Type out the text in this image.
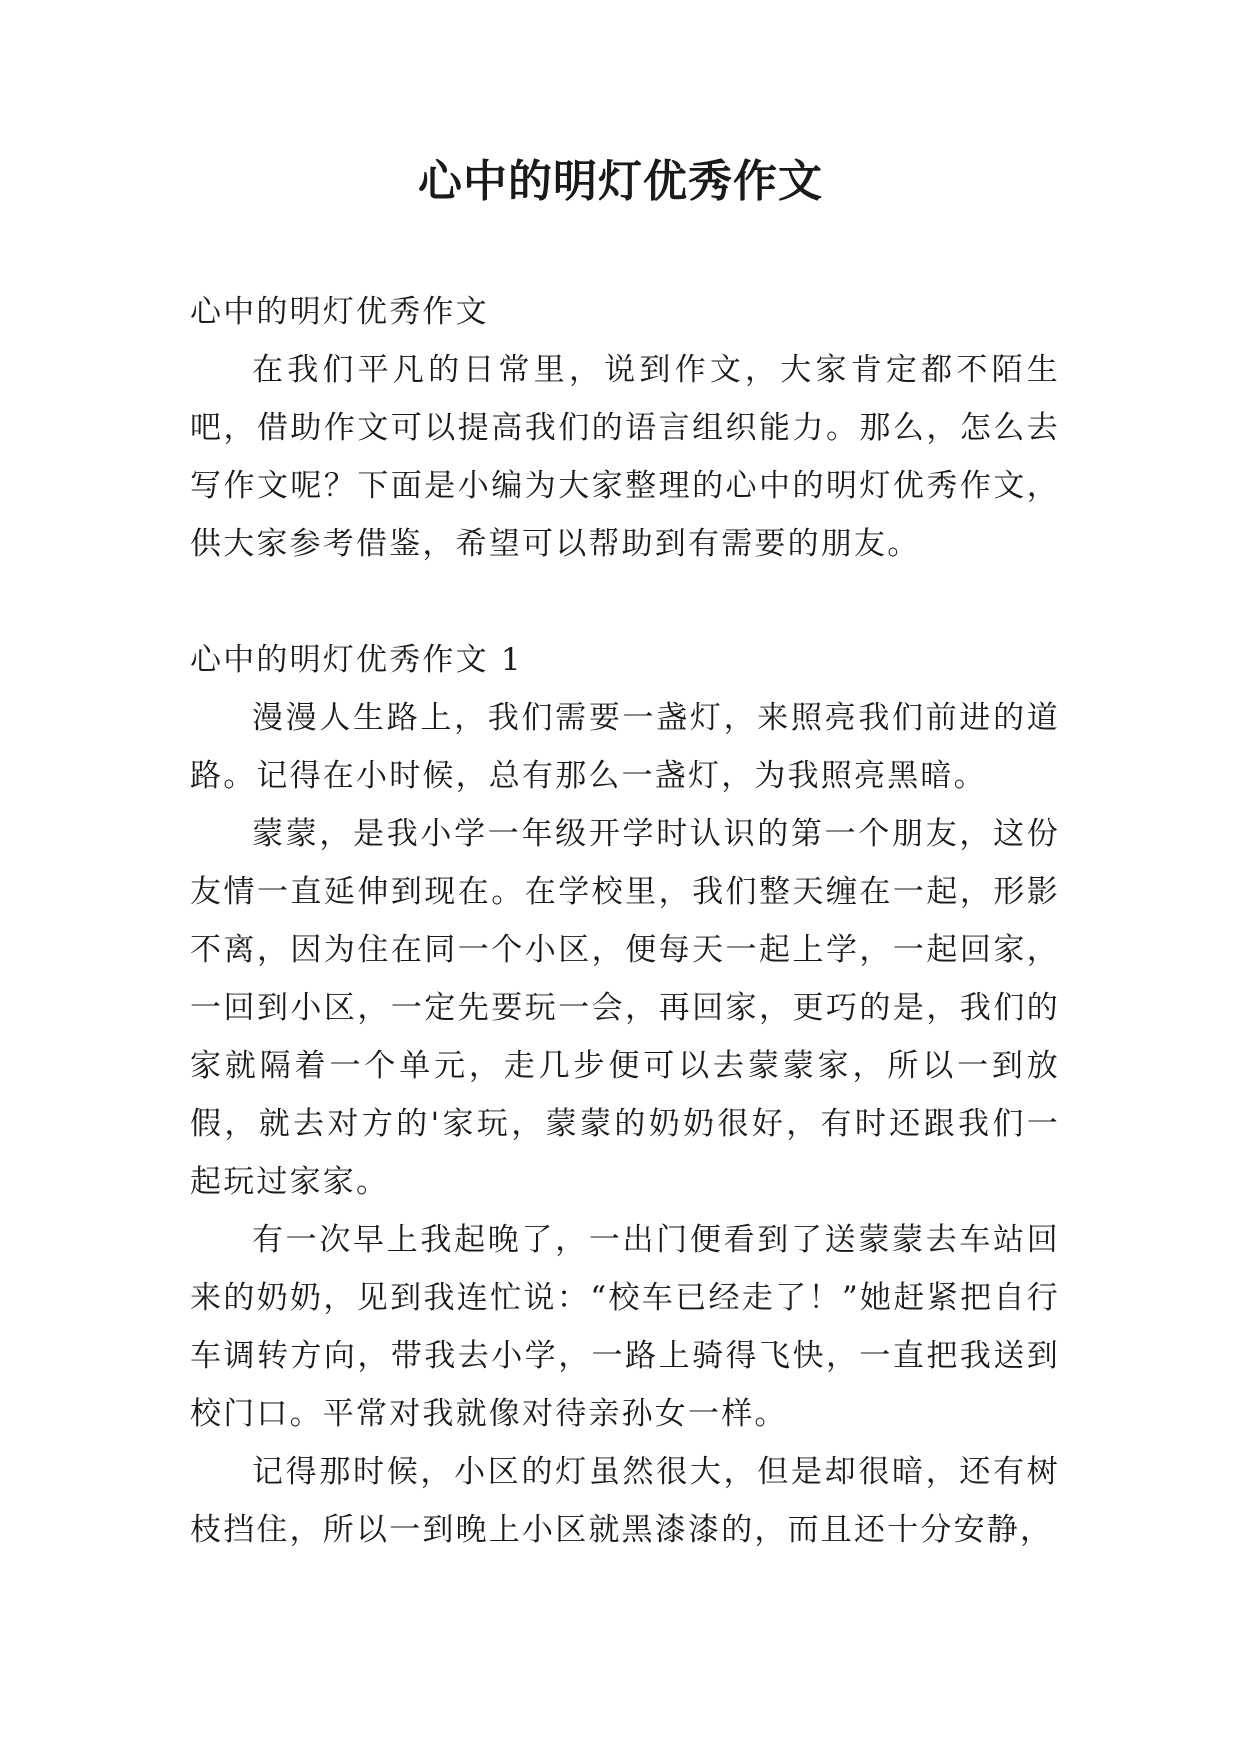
心中的明灯优秀作文

心中的明灯优秀作文

在我们平凡的日常里，说到作文，大家肯定都不陌生吧，借助作文可以提高我们的语言组织能力。那么，怎么去写作文呢？下面是小编为大家整理的心中的明灯优秀作文，供大家参考借鉴，希望可以帮助到有需要的朋友。

心中的明灯优秀作文 1

漫漫人生路上，我们需要一盏灯，来照亮我们前进的道路。记得在小时候，总有那么一盏灯，为我照亮黑暗。

蒙蒙，是我小学一年级开学时认识的第一个朋友，这份友情一直延伸到现在。在学校里，我们整天缠在一起，形影不离，因为住在同一个小区，便每天一起上学，一起回家，一回到小区，一定先要玩一会，再回家，更巧的是，我们的家就隔着一个单元，走几步便可以去蒙蒙家，所以一到放假，就去对方的'家玩，蒙蒙的奶奶很好，有时还跟我们一起玩过家家。

有一次早上我起晚了，一出门便看到了送蒙蒙去车站回来的奶奶，见到我连忙说：“校车已经走了！”她赶紧把自行车调转方向，带我去小学，一路上骑得飞快，一直把我送到校门口。平常对我就像对待亲孙女一样。

记得那时候，小区的灯虽然很大，但是却很暗，还有树枝挡住，所以一到晚上小区就黑漆漆的，而且还十分安静，
